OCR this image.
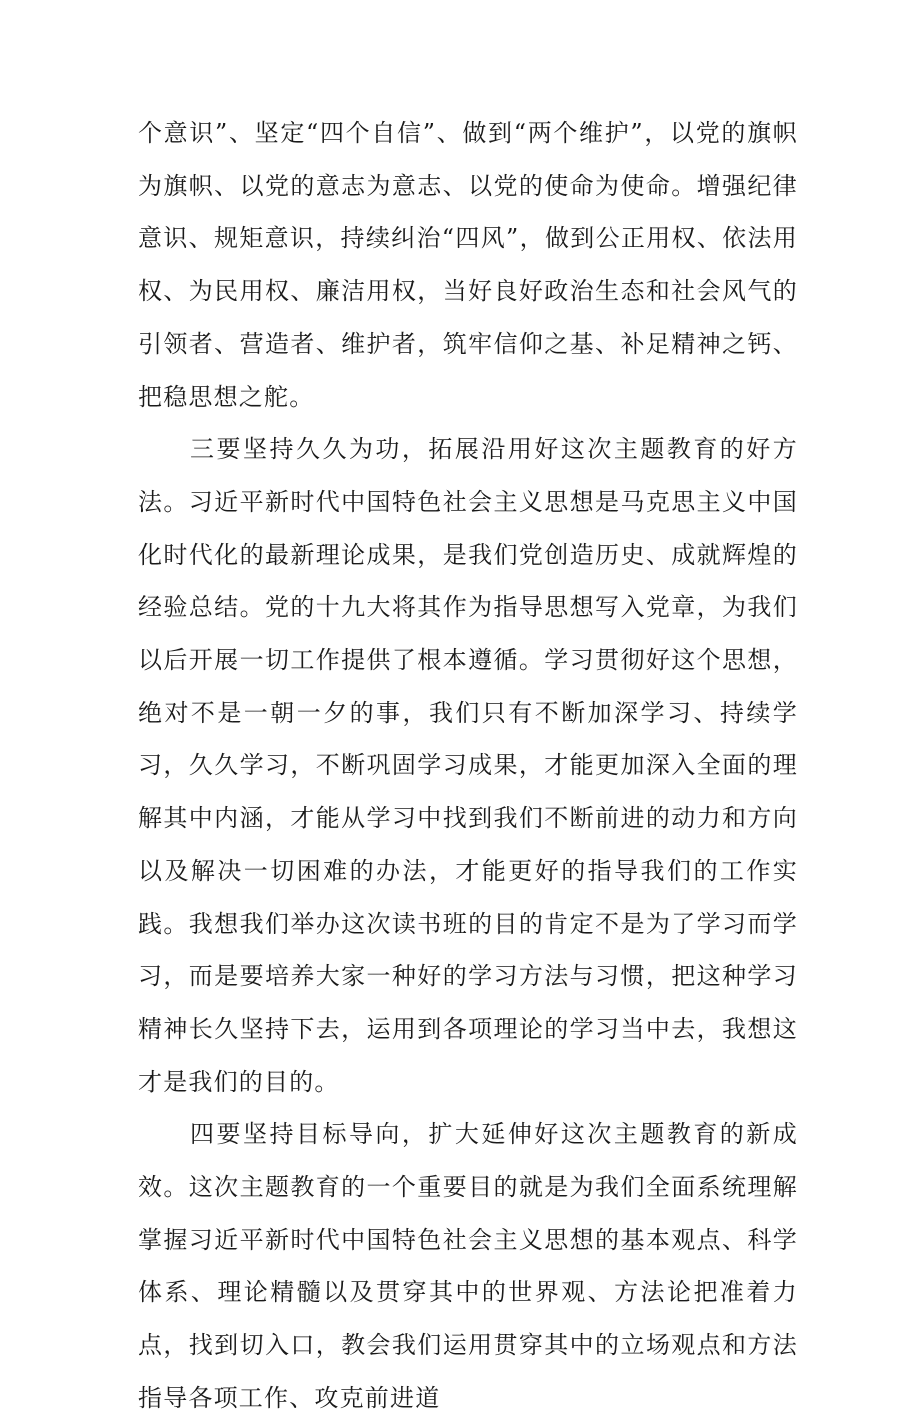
个意识”、坚定“四个自信”、做到“两个维护”，以党的旗帜为旗帜、以党的意志为意志、以党的使命为使命。增强纪律意识、规矩意识，持续纠治“四风”，做到公正用权、依法用权、为民用权、廉洁用权，当好良好政治生态和社会风气的引领者、营造者、维护者，筑牢信仰之基、补足精神之钙、把稳思想之舵。

三要坚持久久为功，拓展沿用好这次主题教育的好方法。习近平新时代中国特色社会主义思想是马克思主义中国化时代化的最新理论成果，是我们党创造历史、成就辉煌的经验总结。党的十九大将其作为指导思想写入党章，为我们以后开展一切工作提供了根本遵循。学习贯彻好这个思想，绝对不是一朝一夕的事，我们只有不断加深学习、持续学习，久久学习，不断巩固学习成果，才能更加深入全面的理解其中内涵，才能从学习中找到我们不断前进的动力和方向以及解决一切困难的办法，才能更好的指导我们的工作实践。我想我们举办这次读书班的目的肯定不是为了学习而学习，而是要培养大家一种好的学习方法与习惯，把这种学习精神长久坚持下去，运用到各项理论的学习当中去，我想这才是我们的目的。

四要坚持目标导向，扩大延伸好这次主题教育的新成效。这次主题教育的一个重要目的就是为我们全面系统理解掌握习近平新时代中国特色社会主义思想的基本观点、科学体系、理论精髓以及贯穿其中的世界观、方法论把准着力点，找到切入口，教会我们运用贯穿其中的立场观点和方法指导各项工作、攻克前进道
